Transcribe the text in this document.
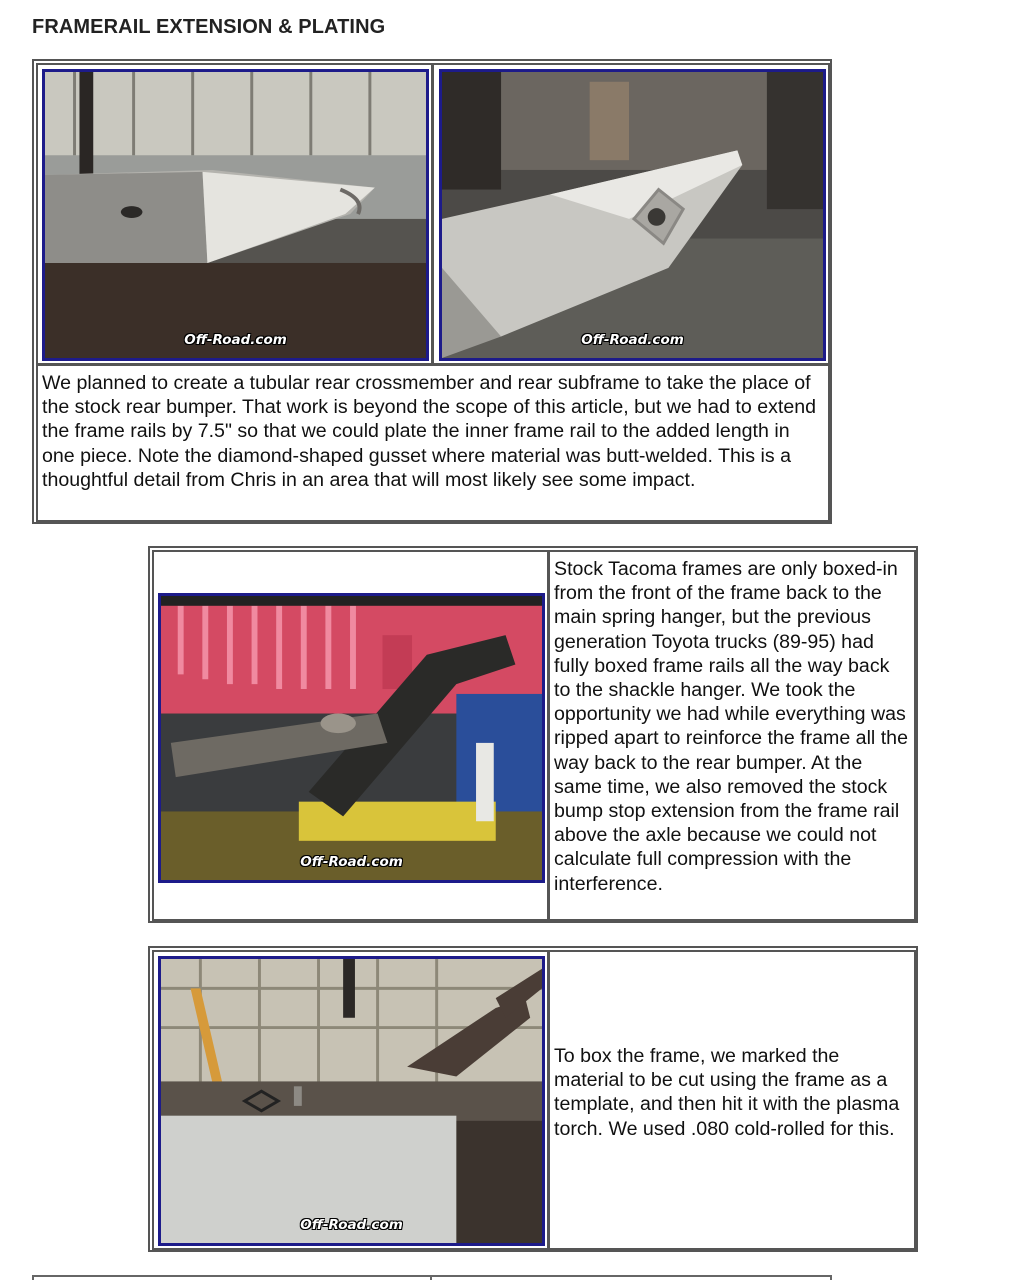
FRAMERAIL EXTENSION & PLATING
Off-Road.com	Off-Road.com
We planned to create a tubular rear crossmember and rear subframe to take the place of the stock rear bumper. That work is beyond the scope of this article, but we had to extend the frame rails by 7.5" so that we could plate the inner frame rail to the added length in one piece. Note the diamond-shaped gusset where material was butt-welded. This is a thoughtful detail from Chris in an area that will most likely see some impact.
Off-Road.com
Stock Tacoma frames are only boxed-in from the front of the frame back to the main spring hanger, but the previous generation Toyota trucks (89-95) had fully boxed frame rails all the way back to the shackle hanger. We took the opportunity we had while everything was ripped apart to reinforce the frame all the way back to the rear bumper. At the same time, we also removed the stock bump stop extension from the frame rail above the axle because we could not calculate full compression with the interference.
Off-Road.com
To box the frame, we marked the material to be cut using the frame as a template, and then hit it with the plasma torch. We used .080 cold-rolled for this.
